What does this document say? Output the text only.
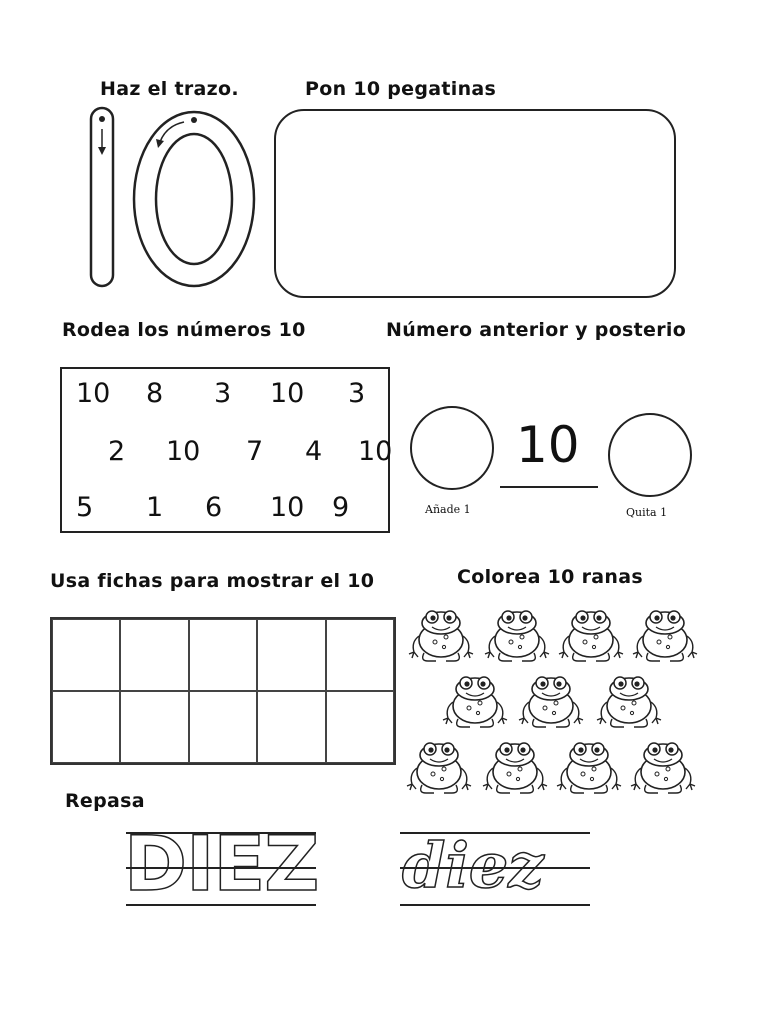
Haz el trazo.	Pon 10 pegatinas
Rodea los números 10
10 8 3 10 3
2 10 7 4 10
5 1 6 10 9
Número anterior y posterio
10
Añade 1	Quita 1
Usa fichas para mostrar el 10	Colorea 10 ranas
Repasa
DIEZ diez
